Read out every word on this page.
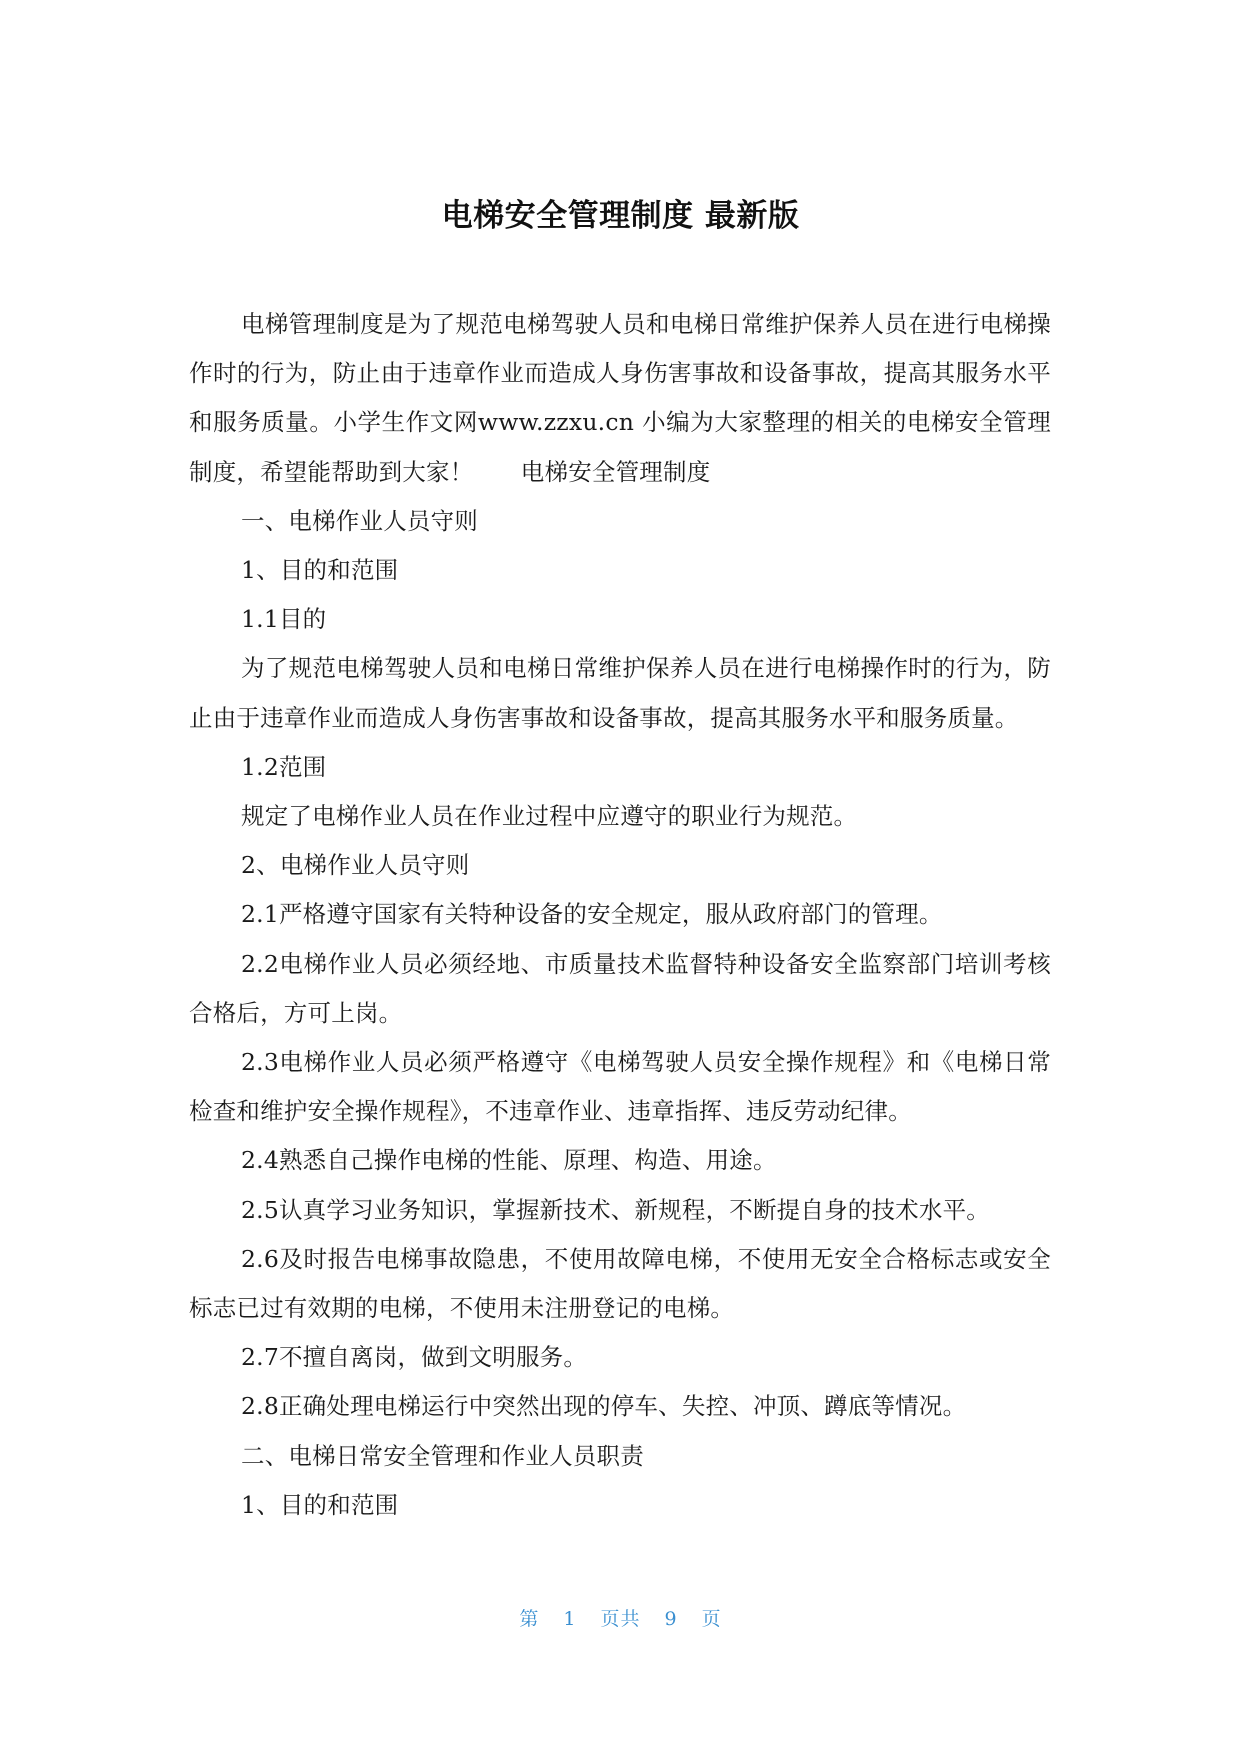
电梯安全管理制度 最新版

电梯管理制度是为了规范电梯驾驶人员和电梯日常维护保养人员在进行电梯操作时的行为，防止由于违章作业而造成人身伤害事故和设备事故，提高其服务水平和服务质量。小学生作文网www.zzxu.cn 小编为大家整理的相关的电梯安全管理制度，希望能帮助到大家！　　电梯安全管理制度

一、电梯作业人员守则

1、目的和范围

1.1目的

为了规范电梯驾驶人员和电梯日常维护保养人员在进行电梯操作时的行为，防止由于违章作业而造成人身伤害事故和设备事故，提高其服务水平和服务质量。

1.2范围

规定了电梯作业人员在作业过程中应遵守的职业行为规范。

2、电梯作业人员守则

2.1严格遵守国家有关特种设备的安全规定，服从政府部门的管理。

2.2电梯作业人员必须经地、市质量技术监督特种设备安全监察部门培训考核合格后，方可上岗。

2.3电梯作业人员必须严格遵守《电梯驾驶人员安全操作规程》和《电梯日常检查和维护安全操作规程》，不违章作业、违章指挥、违反劳动纪律。

2.4熟悉自己操作电梯的性能、原理、构造、用途。

2.5认真学习业务知识，掌握新技术、新规程，不断提自身的技术水平。

2.6及时报告电梯事故隐患，不使用故障电梯，不使用无安全合格标志或安全标志已过有效期的电梯，不使用未注册登记的电梯。

2.7不擅自离岗，做到文明服务。

2.8正确处理电梯运行中突然出现的停车、失控、冲顶、蹲底等情况。

二、电梯日常安全管理和作业人员职责

1、目的和范围

第 1 页共 9 页
